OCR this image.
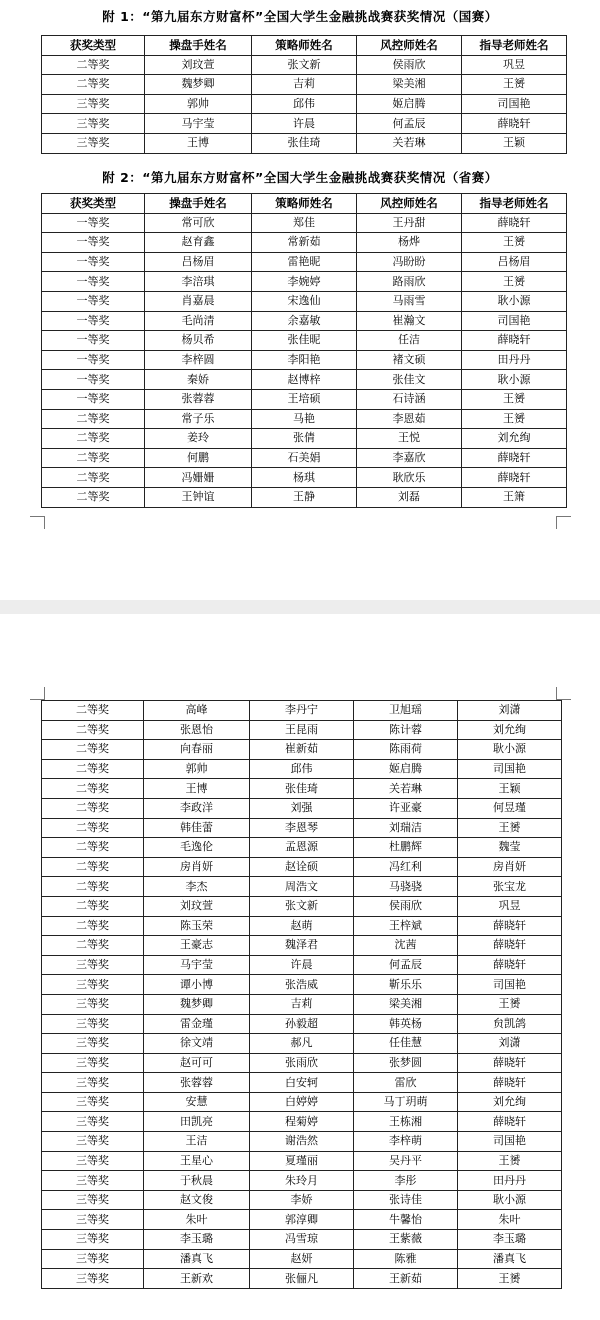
附 1：“第九届东方财富杯”全国大学生金融挑战赛获奖情况（国赛）
获奖类型	操盘手姓名	策略师姓名	风控师姓名	指导老师姓名
二等奖	刘玟萱	张文新	侯雨欣	巩昱
二等奖	魏梦卿	吉莉	梁美湘	王赟
三等奖	郭帅	邱伟	姬启腾	司国艳
三等奖	马宇莹	许晨	何孟辰	薛晓轩
三等奖	王博	张佳琦	关若琳	王颖
附 2：“第九届东方财富杯”全国大学生金融挑战赛获奖情况（省赛）
获奖类型	操盘手姓名	策略师姓名	风控师姓名	指导老师姓名
一等奖	常可欣	郑佳	王丹甜	薛晓轩
一等奖	赵育鑫	常新茹	杨烨	王赟
一等奖	吕杨眉	雷艳昵	冯盼盼	吕杨眉
一等奖	李涪琪	李婉婷	路雨欣	王赟
一等奖	肖嘉晨	宋逸仙	马雨雪	耿小源
一等奖	毛尚清	余嘉敏	崔瀚文	司国艳
一等奖	杨贝希	张佳昵	任洁	薛晓轩
一等奖	李梓圆	李阳艳	褚文硕	田丹丹
一等奖	秦娇	赵博梓	张佳文	耿小源
一等奖	张蓉蓉	王培硕	石诗涵	王赟
二等奖	常子乐	马艳	李恩茹	王赟
二等奖	姜玲	张倩	王悦	刘允绚
二等奖	何鹏	石美娟	李嘉欣	薛晓轩
二等奖	冯姗姗	杨琪	耿欣乐	薛晓轩
二等奖	王钟谊	王静	刘磊	王箫
二等奖	高峰	李丹宁	卫旭瑶	刘潇
二等奖	张恩怡	王昆雨	陈计蓉	刘允绚
二等奖	向春丽	崔新茹	陈雨荷	耿小源
二等奖	郭帅	邱伟	姬启腾	司国艳
二等奖	王博	张佳琦	关若琳	王颖
二等奖	李政洋	刘强	许亚豪	何昱瑾
二等奖	韩佳蕾	李恩琴	刘瑞洁	王赟
二等奖	毛逸伦	孟恩源	杜鹏辉	魏莹
二等奖	房肖妍	赵诠硕	冯红利	房肖妍
二等奖	李杰	周浩文	马骁骁	张宝龙
二等奖	刘玟萱	张文新	侯雨欣	巩昱
二等奖	陈玉荣	赵萌	王梓斌	薛晓轩
二等奖	王豪志	魏泽君	沈茜	薛晓轩
三等奖	马宇莹	许晨	何孟辰	薛晓轩
三等奖	谭小博	张浩威	靳乐乐	司国艳
三等奖	魏梦卿	吉莉	梁美湘	王赟
三等奖	雷金瑾	孙毅超	韩英杨	贠凯鸽
三等奖	徐文靖	郝凡	任佳慧	刘潇
三等奖	赵可可	张雨欣	张梦圆	薛晓轩
三等奖	张蓉蓉	白安轲	雷欣	薛晓轩
三等奖	安慧	白婷婷	马丁玥萌	刘允绚
三等奖	田凯亮	程菊婷	王栋湘	薛晓轩
三等奖	王洁	谢浩然	李梓萌	司国艳
三等奖	王星心	夏瑾丽	吴丹平	王赟
三等奖	于秋晨	朱玲月	李彤	田丹丹
三等奖	赵文俊	李娇	张诗佳	耿小源
三等奖	朱叶	郭淳卿	牛馨怡	朱叶
三等奖	李玉璐	冯雪琼	王紫薇	李玉璐
三等奖	潘真飞	赵妍	陈雅	潘真飞
三等奖	王新欢	张俪凡	王新茹	王赟
